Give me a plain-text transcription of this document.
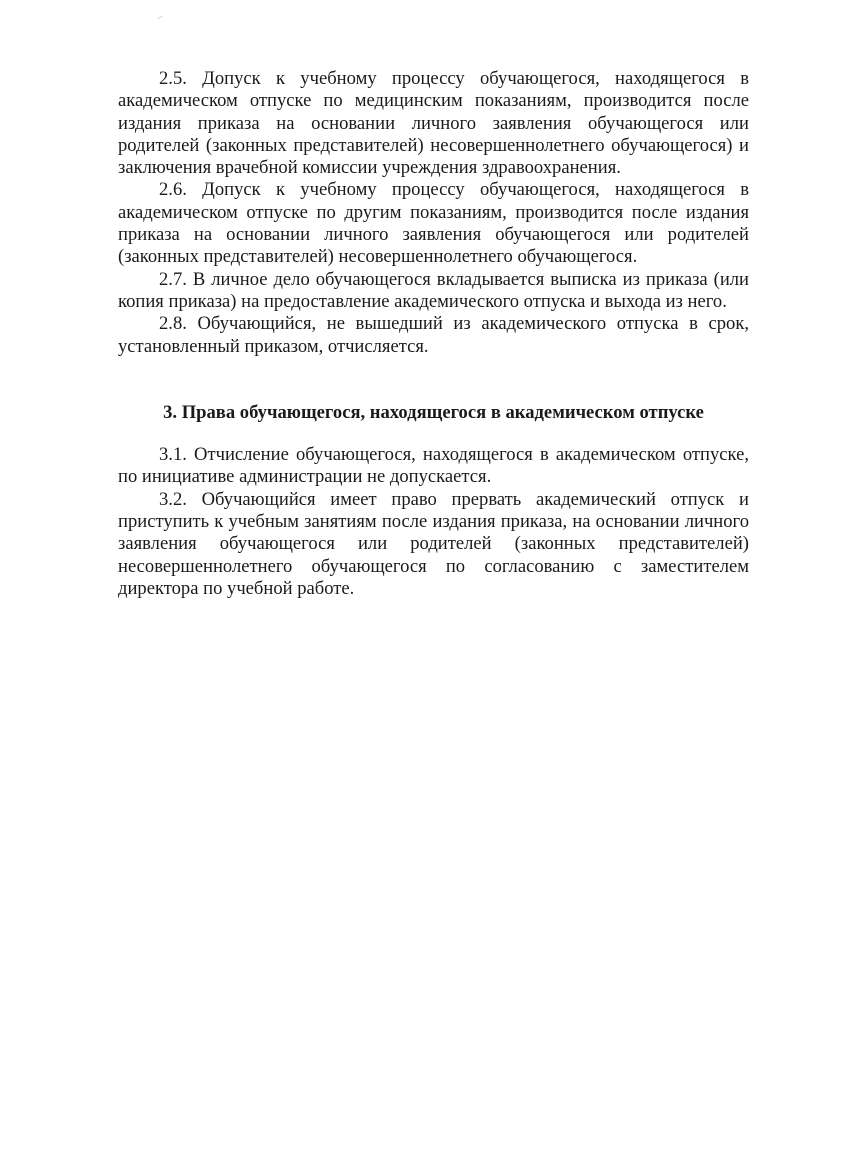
⌐

2.5. Допуск к учебному процессу обучающегося, находящегося в академическом отпуске по медицинским показаниям, производится после издания приказа на основании личного заявления обучающегося или родителей (законных представителей) несовершеннолетнего обучающегося) и заключения врачебной комиссии учреждения здравоохранения.

2.6. Допуск к учебному процессу обучающегося, находящегося в академическом отпуске по другим показаниям, производится после издания приказа на основании личного заявления обучающегося или родителей (законных представителей) несовершеннолетнего обучающегося.

2.7. В личное дело обучающегося вкладывается выписка из приказа (или копия приказа) на предоставление академического отпуска и выхода из него.

2.8. Обучающийся, не вышедший из академического отпуска в срок, установленный приказом, отчисляется.

3. Права обучающегося, находящегося в академическом отпуске

3.1. Отчисление обучающегося, находящегося в академическом отпуске, по инициативе администрации не допускается.

3.2. Обучающийся имеет право прервать академический отпуск и приступить к учебным занятиям после издания приказа, на основании личного заявления обучающегося или родителей (законных представителей) несовершеннолетнего обучающегося по согласованию с заместителем директора по учебной работе.
